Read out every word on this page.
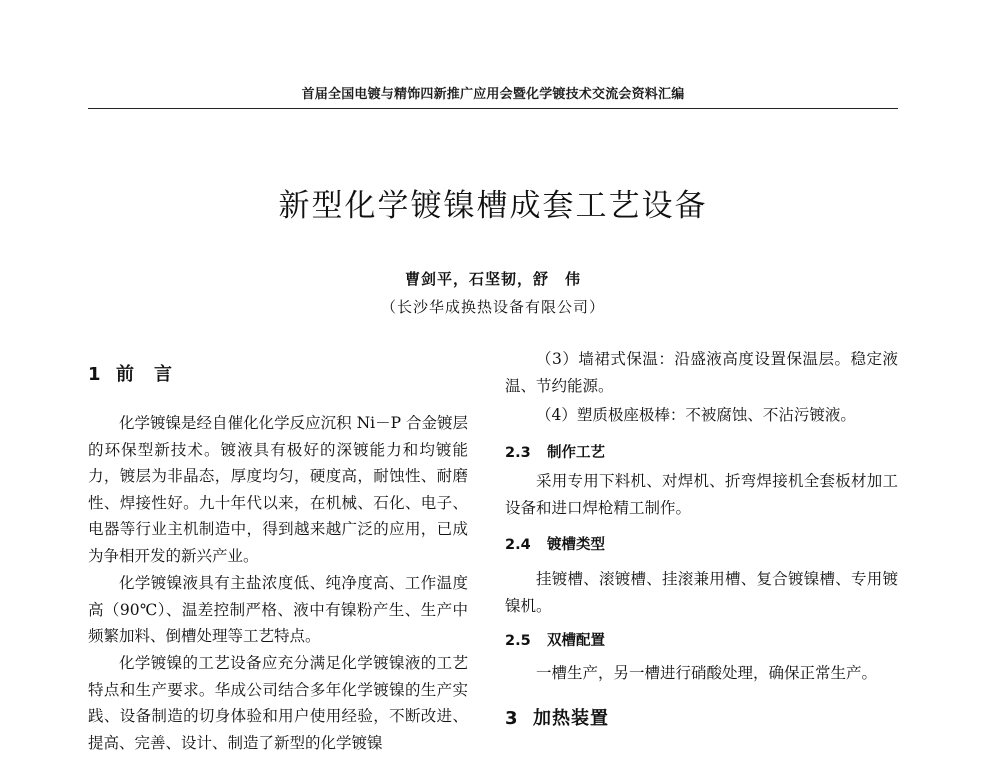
首届全国电镀与精饰四新推广应用会暨化学镀技术交流会资料汇编
新型化学镀镍槽成套工艺设备
曹剑平，石坚韧，舒　伟
（长沙华成换热设备有限公司）
1 前　言

化学镀镍是经自催化化学反应沉积 Ni－P 合金镀层的环保型新技术。镀液具有极好的深镀能力和均镀能力，镀层为非晶态，厚度均匀，硬度高，耐蚀性、耐磨性、焊接性好。九十年代以来，在机械、石化、电子、电器等行业主机制造中，得到越来越广泛的应用，已成为争相开发的新兴产业。

化学镀镍液具有主盐浓度低、纯净度高、工作温度高（90℃）、温差控制严格、液中有镍粉产生、生产中频繁加料、倒槽处理等工艺特点。

化学镀镍的工艺设备应充分满足化学镀镍液的工艺特点和生产要求。华成公司结合多年化学镀镍的生产实践、设备制造的切身体验和用户使用经验，不断改进、提高、完善、设计、制造了新型的化学镀镍

（3）墙裙式保温：沿盛液高度设置保温层。稳定液温、节约能源。

（4）塑质极座极棒：不被腐蚀、不沾污镀液。

2.3 制作工艺

采用专用下料机、对焊机、折弯焊接机全套板材加工设备和进口焊枪精工制作。

2.4 镀槽类型

挂镀槽、滚镀槽、挂滚兼用槽、复合镀镍槽、专用镀镍机。

2.5 双槽配置

一槽生产，另一槽进行硝酸处理，确保正常生产。

3 加热装置
